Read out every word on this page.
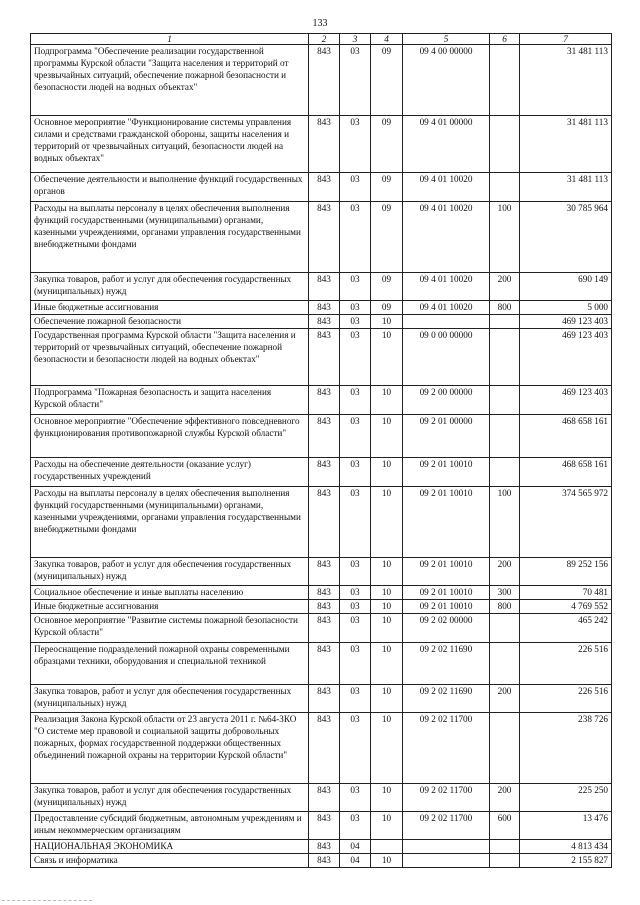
133
1	2	3	4	5	6	7
Подпрограмма "Обеспечение реализации государственной программы Курской области "Защита населения и территорий от чрезвычайных ситуаций, обеспечение пожарной безопасности и безопасности людей на водных объектах"	843	03	09	09 4 00 00000		31 481 113
Основное мероприятие "Функционирование системы управления силами и средствами гражданской обороны, защиты населения и территорий от чрезвычайных ситуаций, безопасности людей на водных объектах"	843	03	09	09 4 01 00000		31 481 113
Обеспечение деятельности и выполнение функций государственных органов	843	03	09	09 4 01 10020		31 481 113
Расходы на выплаты персоналу в целях обеспечения выполнения функций государственными (муниципальными) органами, казенными учреждениями, органами управления государственными внебюджетными фондами	843	03	09	09 4 01 10020	100	30 785 964
Закупка товаров, работ и услуг для обеспечения государственных (муниципальных) нужд	843	03	09	09 4 01 10020	200	690 149
Иные бюджетные ассигнования	843	03	09	09 4 01 10020	800	5 000
Обеспечение пожарной безопасности	843	03	10			469 123 403
Государственная программа Курской области "Защита населения и территорий от чрезвычайных ситуаций, обеспечение пожарной безопасности и безопасности людей на водных объектах"	843	03	10	09 0 00 00000		469 123 403
Подпрограмма "Пожарная безопасность и защита населения Курской области"	843	03	10	09 2 00 00000		469 123 403
Основное мероприятие "Обеспечение эффективного повседневного функционирования противопожарной службы Курской области"	843	03	10	09 2 01 00000		468 658 161
Расходы на обеспечение деятельности (оказание услуг) государственных учреждений	843	03	10	09 2 01 10010		468 658 161
Расходы на выплаты персоналу в целях обеспечения выполнения функций государственными (муниципальными) органами, казенными учреждениями, органами управления государственными внебюджетными фондами	843	03	10	09 2 01 10010	100	374 565 972
Закупка товаров, работ и услуг для обеспечения государственных (муниципальных) нужд	843	03	10	09 2 01 10010	200	89 252 156
Социальное обеспечение и иные выплаты населению	843	03	10	09 2 01 10010	300	70 481
Иные бюджетные ассигнования	843	03	10	09 2 01 10010	800	4 769 552
Основное мероприятие "Развитие системы пожарной безопасности Курской области"	843	03	10	09 2 02 00000		465 242
Переоснащение подразделений пожарной охраны современными образцами техники, оборудования и специальной техникой	843	03	10	09 2 02 11690		226 516
Закупка товаров, работ и услуг для обеспечения государственных (муниципальных) нужд	843	03	10	09 2 02 11690	200	226 516
Реализация Закона Курской области от 23 августа 2011 г. №64-ЗКО "О системе мер правовой и социальной защиты добровольных пожарных, формах государственной поддержки общественных объединений пожарной охраны на территории Курской области"	843	03	10	09 2 02 11700		238 726
Закупка товаров, работ и услуг для обеспечения государственных (муниципальных) нужд	843	03	10	09 2 02 11700	200	225 250
Предоставление субсидий бюджетным, автономным учреждениям и иным некоммерческим организациям	843	03	10	09 2 02 11700	600	13 476
НАЦИОНАЛЬНАЯ ЭКОНОМИКА	843	04				4 813 434
Связь и информатика	843	04	10			2 155 827
